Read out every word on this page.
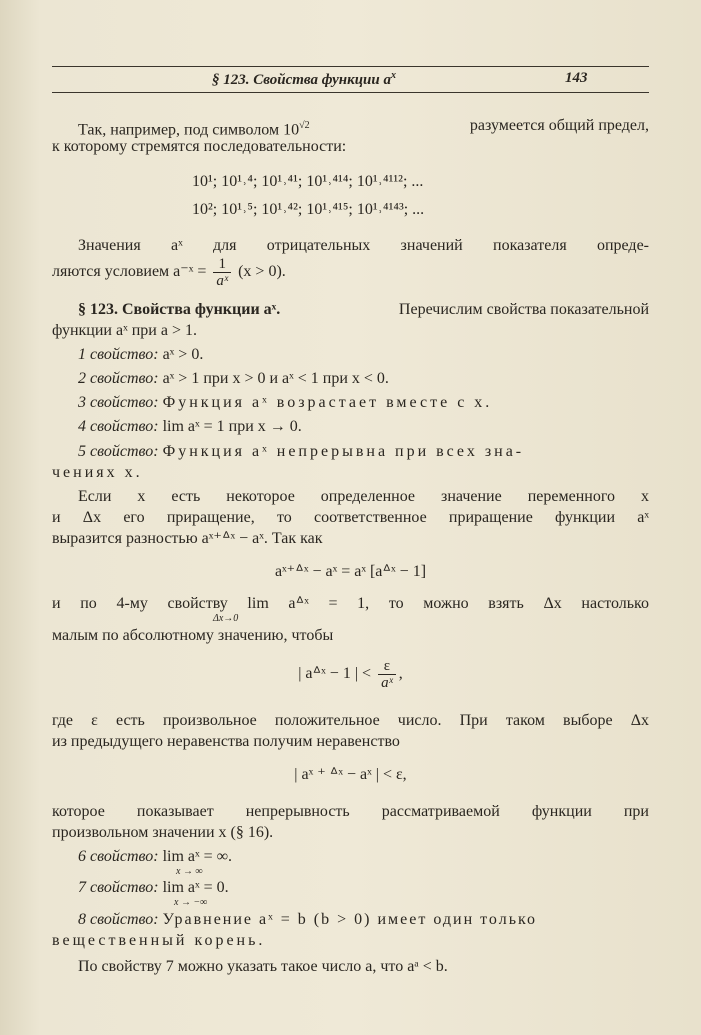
§ 123. Свойства функции $a^x$	143
Так, например, под символом $10^{√2}$	разумеется общий предел,
к которому стремятся последовательности:
10¹; 10¹˒⁴; 10¹˒⁴¹; 10¹˒⁴¹⁴; 10¹˒⁴¹¹²; ...
10²; 10¹˒⁵; 10¹˒⁴²; 10¹˒⁴¹⁵; 10¹˒⁴¹⁴³; ...
Значения aˣ для отрицательных значений показателя опреде-
ляются условием a⁻ˣ = $\frac{1}{\text{aˣ}} (x > 0)$.
§ 123. Свойства функции aˣ.	Перечислим свойства показательной
функции aˣ при a > 1.
1 свойство: aˣ > 0.
2 свойство: aˣ > 1 при x > 0 и aˣ < 1 при x < 0.
3 свойство: Функция aˣ возрастает вместе с x.
4 свойство: lim aˣ = 1 при x → 0.
5 свойство: Функция aˣ непрерывна при всех зна-
чениях x.
Если x есть некоторое определенное значение переменного x
и Δx его приращение, то соответственное приращение функции aˣ
выразится разностью aˣ⁺ᐞˣ − aˣ. Так как
aˣ⁺ᐞˣ − aˣ = aˣ [aᐞˣ − 1]
и по 4-му свойству lim aᐞˣ = 1, то можно взять Δx настолько
Δx→0
малым по абсолютному значению, чтобы
| aᐞˣ − 1 | < $\frac{\varepsilon}{\text{aˣ}}$ ,
где ε есть произвольное положительное число. При таком выборе Δx
из предыдущего неравенства получим неравенство
| aˣ ⁺ ᐞˣ − aˣ | < ε,
которое показывает непрерывность рассматриваемой функции при
произвольном значении x (§ 16).
6 свойство: lim aˣ = ∞.
x → ∞
7 свойство: lim aˣ = 0.
x → −∞
8 свойство: Уравнение aˣ = b (b > 0) имеет один только
вещественный корень.
По свойству 7 можно указать такое число a, что aᵃ < b.
